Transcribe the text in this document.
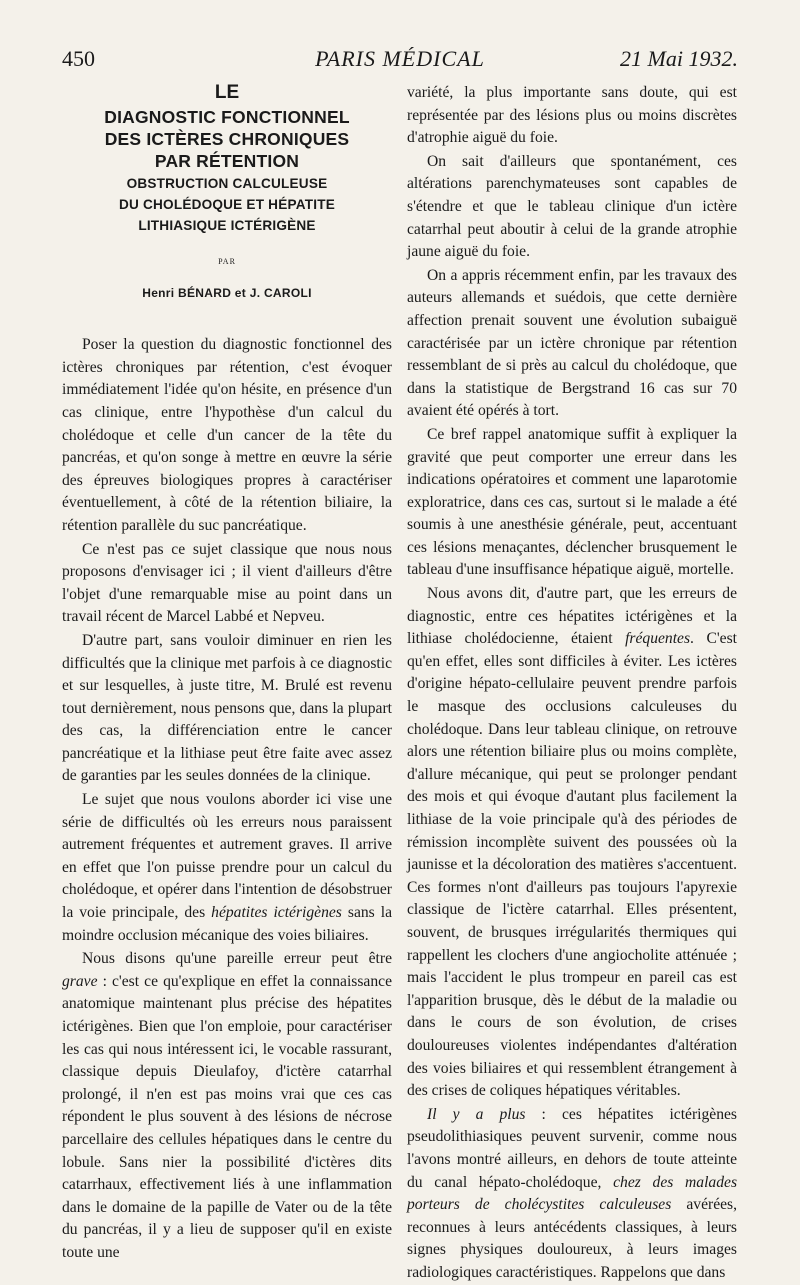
450	PARIS MÉDICAL	21 Mai 1932.
LE
DIAGNOSTIC FONCTIONNEL
DES ICTÈRES CHRONIQUES
PAR RÉTENTION
OBSTRUCTION CALCULEUSE
DU CHOLÉDOQUE ET HÉPATITE
LITHIASIQUE ICTÉRIGÈNE
PAR
Henri BÉNARD et J. CAROLI

Poser la question du diagnostic fonctionnel des ictères chroniques par rétention, c'est évoquer immédiatement l'idée qu'on hésite, en présence d'un cas clinique, entre l'hypothèse d'un calcul du cholédoque et celle d'un cancer de la tête du pancréas, et qu'on songe à mettre en œuvre la série des épreuves biologiques propres à caractériser éventuellement, à côté de la rétention biliaire, la rétention parallèle du suc pancréatique.

Ce n'est pas ce sujet classique que nous nous proposons d'envisager ici ; il vient d'ailleurs d'être l'objet d'une remarquable mise au point dans un travail récent de Marcel Labbé et Nepveu.

D'autre part, sans vouloir diminuer en rien les difficultés que la clinique met parfois à ce diagnostic et sur lesquelles, à juste titre, M. Brulé est revenu tout dernièrement, nous pensons que, dans la plupart des cas, la différenciation entre le cancer pancréatique et la lithiase peut être faite avec assez de garanties par les seules données de la clinique.

Le sujet que nous voulons aborder ici vise une série de difficultés où les erreurs nous paraissent autrement fréquentes et autrement graves. Il arrive en effet que l'on puisse prendre pour un calcul du cholédoque, et opérer dans l'intention de désobstruer la voie principale, des hépatites ictérigènes sans la moindre occlusion mécanique des voies biliaires.

Nous disons qu'une pareille erreur peut être grave : c'est ce qu'explique en effet la connaissance anatomique maintenant plus précise des hépatites ictérigènes. Bien que l'on emploie, pour caractériser les cas qui nous intéressent ici, le vocable rassurant, classique depuis Dieulafoy, d'ictère catarrhal prolongé, il n'en est pas moins vrai que ces cas répondent le plus souvent à des lésions de nécrose parcellaire des cellules hépatiques dans le centre du lobule. Sans nier la possibilité d'ictères dits catarrhaux, effectivement liés à une inflammation dans le domaine de la papille de Vater ou de la tête du pancréas, il y a lieu de supposer qu'il en existe toute une

variété, la plus importante sans doute, qui est représentée par des lésions plus ou moins discrètes d'atrophie aiguë du foie.

On sait d'ailleurs que spontanément, ces altérations parenchymateuses sont capables de s'étendre et que le tableau clinique d'un ictère catarrhal peut aboutir à celui de la grande atrophie jaune aiguë du foie.

On a appris récemment enfin, par les travaux des auteurs allemands et suédois, que cette dernière affection prenait souvent une évolution subaiguë caractérisée par un ictère chronique par rétention ressemblant de si près au calcul du cholédoque, que dans la statistique de Bergstrand 16 cas sur 70 avaient été opérés à tort.

Ce bref rappel anatomique suffit à expliquer la gravité que peut comporter une erreur dans les indications opératoires et comment une laparotomie exploratrice, dans ces cas, surtout si le malade a été soumis à une anesthésie générale, peut, accentuant ces lésions menaçantes, déclencher brusquement le tableau d'une insuffisance hépatique aiguë, mortelle.

Nous avons dit, d'autre part, que les erreurs de diagnostic, entre ces hépatites ictérigènes et la lithiase cholédocienne, étaient fréquentes. C'est qu'en effet, elles sont difficiles à éviter. Les ictères d'origine hépato-cellulaire peuvent prendre parfois le masque des occlusions calculeuses du cholédoque. Dans leur tableau clinique, on retrouve alors une rétention biliaire plus ou moins complète, d'allure mécanique, qui peut se prolonger pendant des mois et qui évoque d'autant plus facilement la lithiase de la voie principale qu'à des périodes de rémission incomplète suivent des poussées où la jaunisse et la décoloration des matières s'accentuent. Ces formes n'ont d'ailleurs pas toujours l'apyrexie classique de l'ictère catarrhal. Elles présentent, souvent, de brusques irrégularités thermiques qui rappellent les clochers d'une angiocholite atténuée ; mais l'accident le plus trompeur en pareil cas est l'apparition brusque, dès le début de la maladie ou dans le cours de son évolution, de crises douloureuses violentes indépendantes d'altération des voies biliaires et qui ressemblent étrangement à des crises de coliques hépatiques véritables.

Il y a plus : ces hépatites ictérigènes pseudolithiasiques peuvent survenir, comme nous l'avons montré ailleurs, en dehors de toute atteinte du canal hépato-cholédoque, chez des malades porteurs de cholécystites calculeuses avérées, reconnues à leurs antécédents classiques, à leurs signes physiques douloureux, à leurs images radiologiques caractéristiques. Rappelons que dans
